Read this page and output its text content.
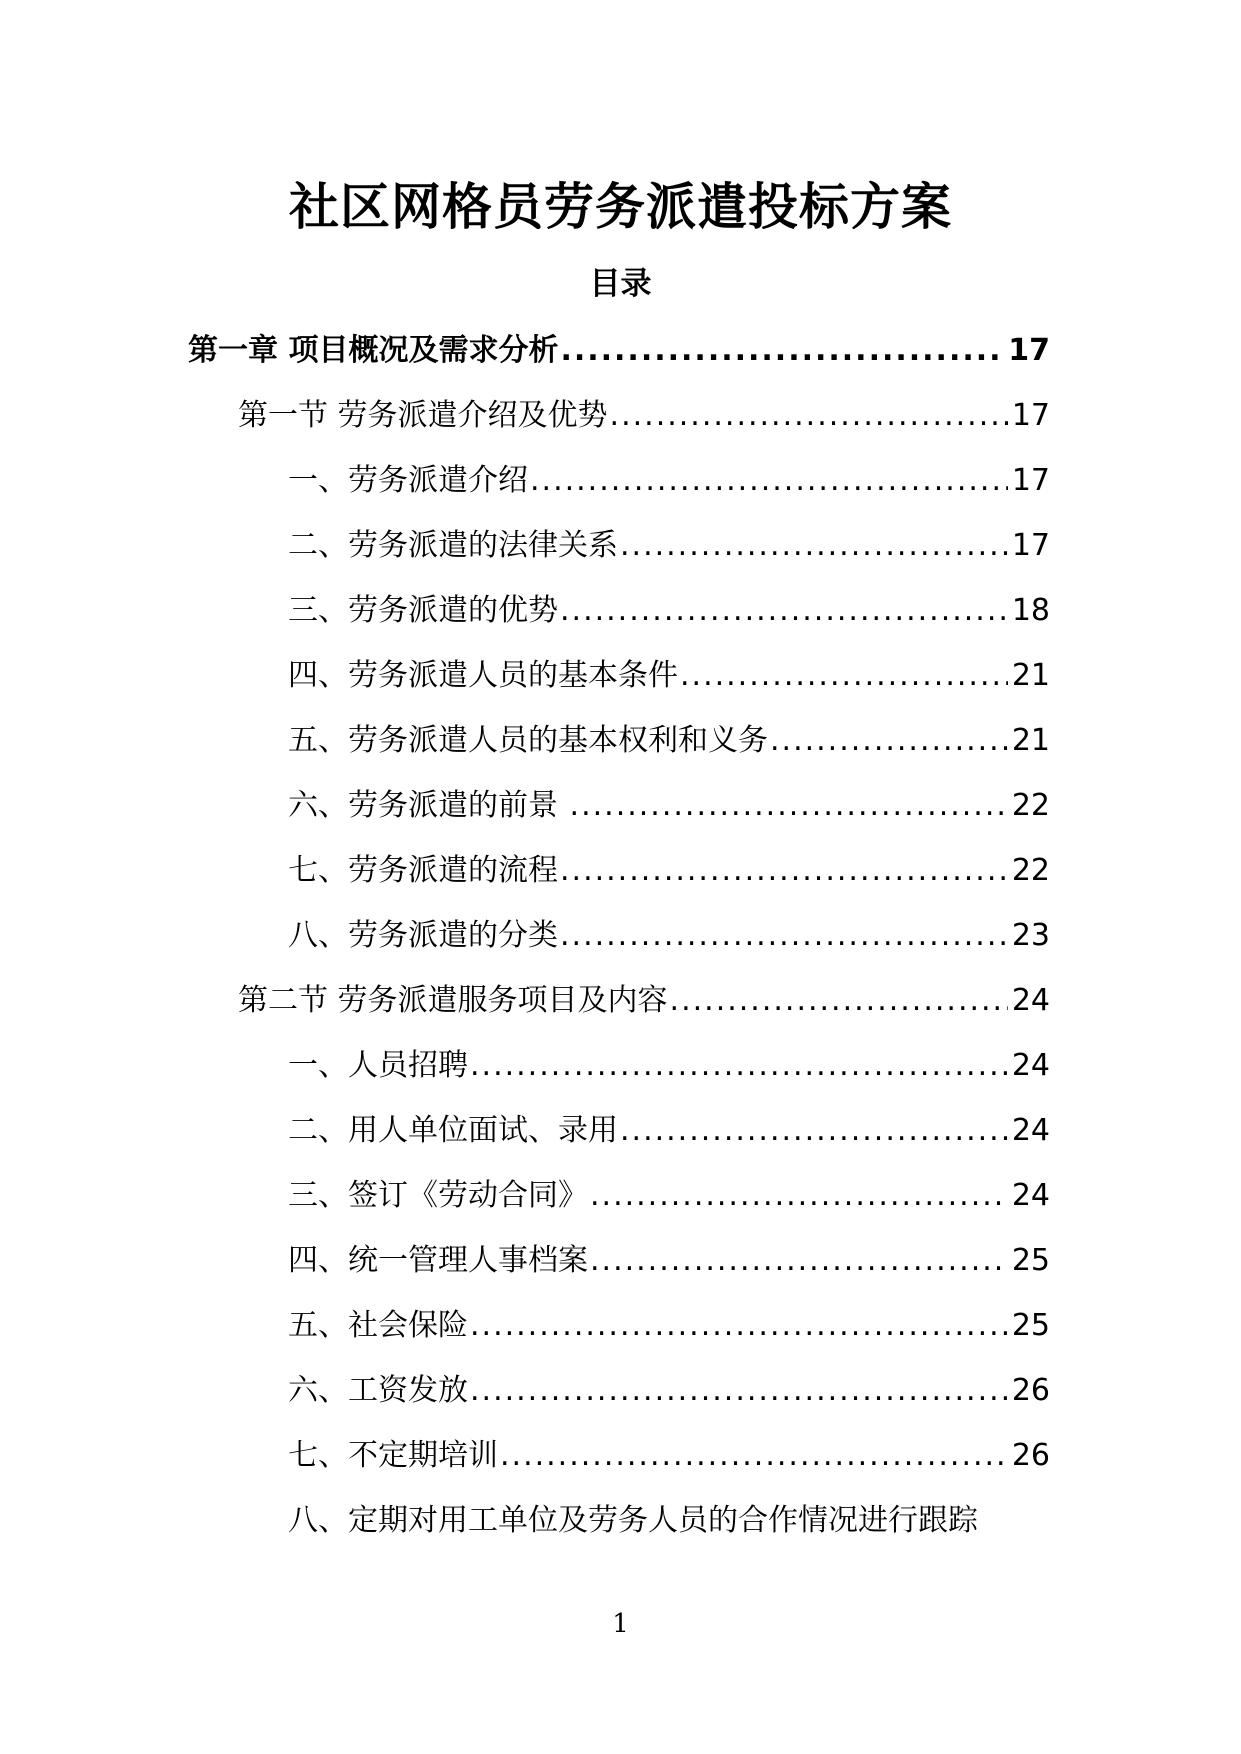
社区网格员劳务派遣投标方案
目录
第一章 项目概况及需求分析 .....	17
第一节 劳务派遣介绍及优势 .....	17
一、劳务派遣介绍 .....	17
二、劳务派遣的法律关系 .....	17
三、劳务派遣的优势 .....	18
四、劳务派遣人员的基本条件 .....	21
五、劳务派遣人员的基本权利和义务 .....	21
六、劳务派遣的前景 .....	22
七、劳务派遣的流程 .....	22
八、劳务派遣的分类 .....	23
第二节 劳务派遣服务项目及内容 .....	24
一、人员招聘 .....	24
二、用人单位面试、录用 .....	24
三、签订《劳动合同》 .....	24
四、统一管理人事档案 .....	25
五、社会保险 .....	25
六、工资发放 .....	26
七、不定期培训 .....	26
八、定期对用工单位及劳务人员的合作情况进行跟踪
1
